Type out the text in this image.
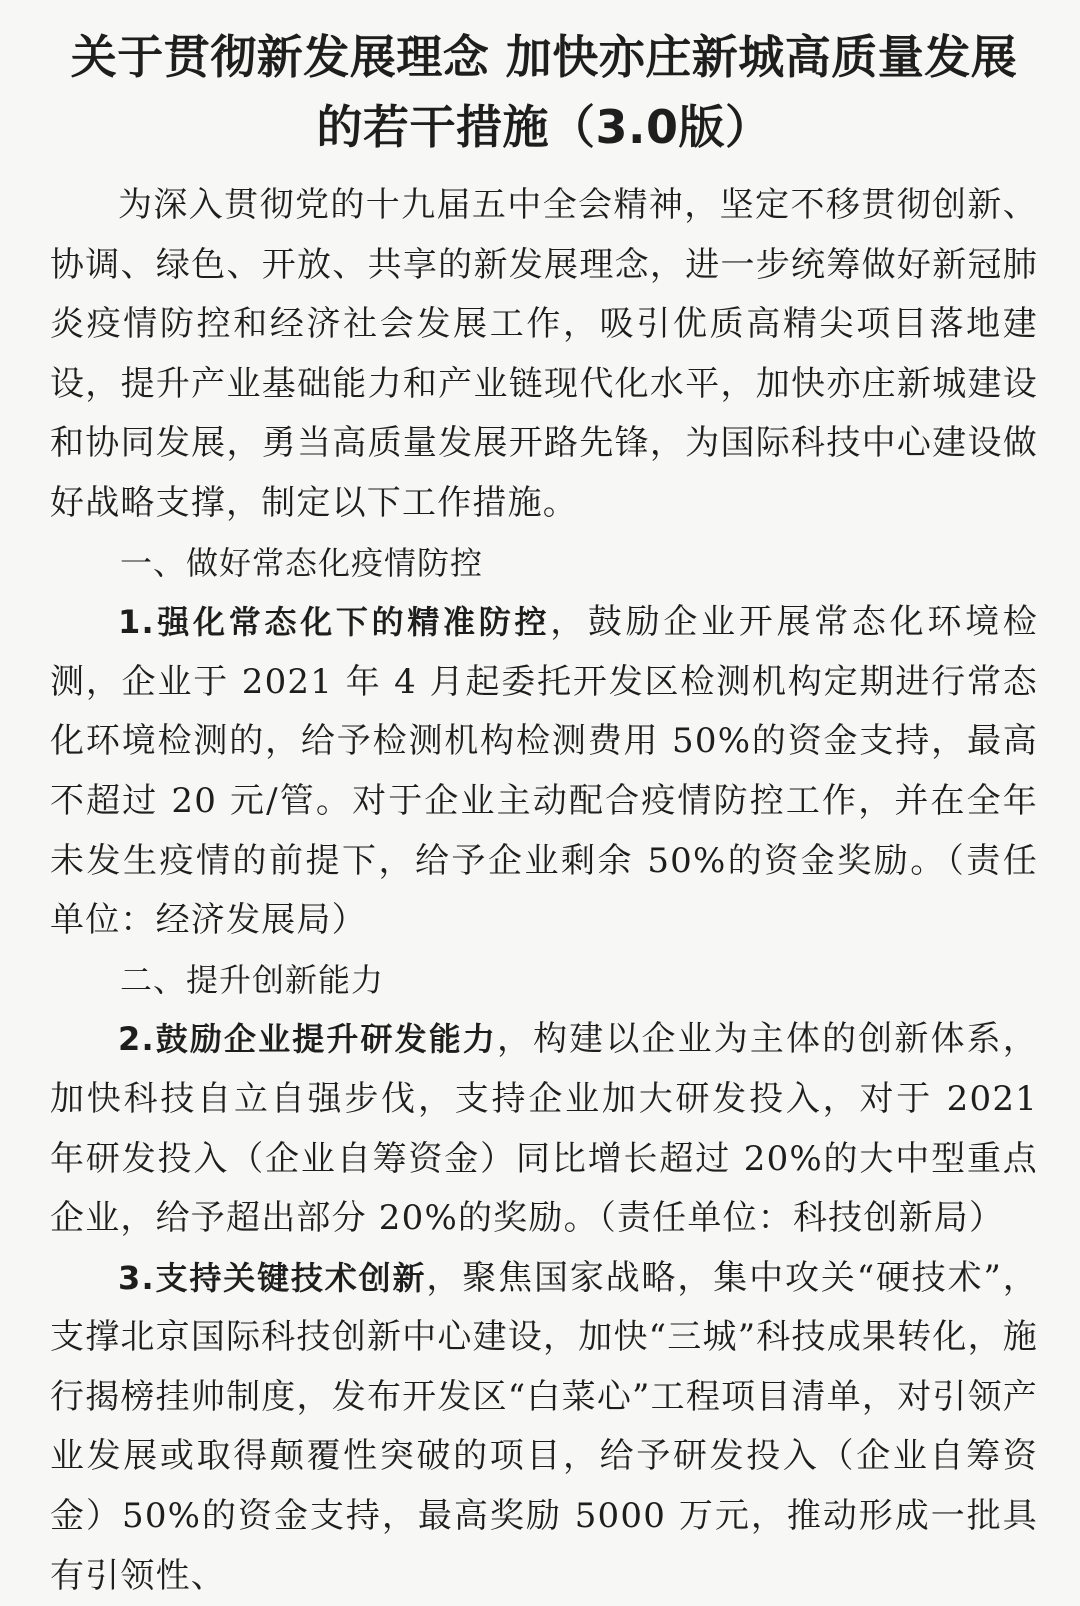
关于贯彻新发展理念 加快亦庄新城高质量发展
的若干措施（3.0版）

为深入贯彻党的十九届五中全会精神，坚定不移贯彻创新、协调、绿色、开放、共享的新发展理念，进一步统筹做好新冠肺炎疫情防控和经济社会发展工作，吸引优质高精尖项目落地建设，提升产业基础能力和产业链现代化水平，加快亦庄新城建设和协同发展，勇当高质量发展开路先锋，为国际科技中心建设做好战略支撑，制定以下工作措施。

一、做好常态化疫情防控

1.强化常态化下的精准防控，鼓励企业开展常态化环境检测，企业于 2021 年 4 月起委托开发区检测机构定期进行常态化环境检测的，给予检测机构检测费用 50%的资金支持，最高不超过 20 元/管。对于企业主动配合疫情防控工作，并在全年未发生疫情的前提下，给予企业剩余 50%的资金奖励。（责任单位：经济发展局）

二、提升创新能力

2.鼓励企业提升研发能力，构建以企业为主体的创新体系，加快科技自立自强步伐，支持企业加大研发投入，对于 2021 年研发投入（企业自筹资金）同比增长超过 20%的大中型重点企业，给予超出部分 20%的奖励。（责任单位：科技创新局）

3.支持关键技术创新，聚焦国家战略，集中攻关“硬技术”，支撑北京国际科技创新中心建设，加快“三城”科技成果转化，施行揭榜挂帅制度，发布开发区“白菜心”工程项目清单，对引领产业发展或取得颠覆性突破的项目，给予研发投入（企业自筹资金）50%的资金支持，最高奖励 5000 万元，推动形成一批具有引领性、
